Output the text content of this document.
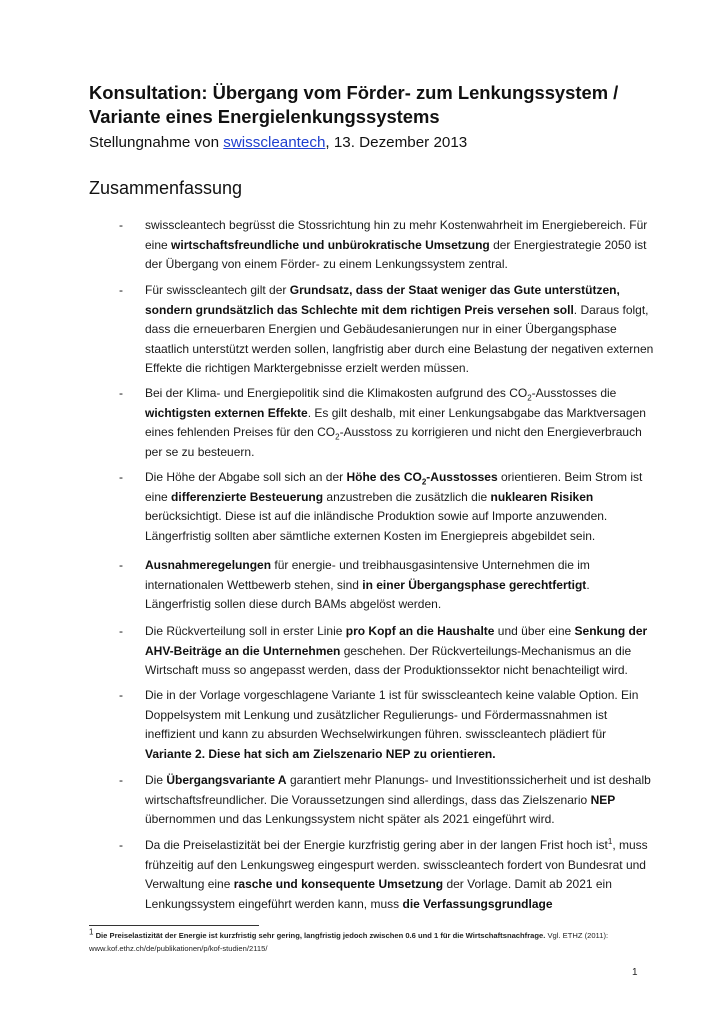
Konsultation: Übergang vom Förder- zum Lenkungssystem / Variante eines Energielenkungssystems
Stellungnahme von swisscleantech, 13. Dezember 2013
Zusammenfassung
- swisscleantech begrüsst die Stossrichtung hin zu mehr Kostenwahrheit im Energiebereich. Für eine wirtschaftsfreundliche und unbürokratische Umsetzung der Energiestrategie 2050 ist der Übergang von einem Förder- zu einem Lenkungssystem zentral.
- Für swisscleantech gilt der Grundsatz, dass der Staat weniger das Gute unterstützen, sondern grundsätzlich das Schlechte mit dem richtigen Preis versehen soll. Daraus folgt, dass die erneuerbaren Energien und Gebäudesanierungen nur in einer Übergangsphase staatlich unterstützt werden sollen, langfristig aber durch eine Belastung der negativen externen Effekte die richtigen Marktergebnisse erzielt werden müssen.
- Bei der Klima- und Energiepolitik sind die Klimakosten aufgrund des $CO_2$-Ausstosses die wichtigsten externen Effekte. Es gilt deshalb, mit einer Lenkungsabgabe das Marktversagen eines fehlenden Preises für den $CO_2$-Ausstoss zu korrigieren und nicht den Energieverbrauch per se zu besteuern.
- Die Höhe der Abgabe soll sich an der Höhe des $CO_2$-Ausstosses orientieren. Beim Strom ist eine differenzierte Besteuerung anzustreben die zusätzlich die nuklearen Risiken berücksichtigt. Diese ist auf die inländische Produktion sowie auf Importe anzuwenden. Längerfristig sollten aber sämtliche externen Kosten im Energiepreis abgebildet sein.
- Ausnahmeregelungen für energie- und treibhausgasintensive Unternehmen die im internationalen Wettbewerb stehen, sind in einer Übergangsphase gerechtfertigt. Längerfristig sollen diese durch BAMs abgelöst werden.
- Die Rückverteilung soll in erster Linie pro Kopf an die Haushalte und über eine Senkung der AHV-Beiträge an die Unternehmen geschehen. Der Rückverteilungs-Mechanismus an die Wirtschaft muss so angepasst werden, dass der Produktionssektor nicht benachteiligt wird.
- Die in der Vorlage vorgeschlagene Variante 1 ist für swisscleantech keine valable Option. Ein Doppelsystem mit Lenkung und zusätzlicher Regulierungs- und Fördermassnahmen ist ineffizient und kann zu absurden Wechselwirkungen führen. swisscleantech plädiert für Variante 2. Diese hat sich am Zielszenario NEP zu orientieren.
- Die Übergangsvariante A garantiert mehr Planungs- und Investitionssicherheit und ist deshalb wirtschaftsfreundlicher. Die Voraussetzungen sind allerdings, dass das Zielszenario NEP übernommen und das Lenkungssystem nicht später als 2021 eingeführt wird.
- Da die Preiselastizität bei der Energie kurzfristig gering aber in der langen Frist hoch ist$^1$, muss frühzeitig auf den Lenkungsweg eingespurt werden. swisscleantech fordert von Bundesrat und Verwaltung eine rasche und konsequente Umsetzung der Vorlage. Damit ab 2021 ein Lenkungssystem eingeführt werden kann, muss die Verfassungsgrundlage
$^1$ Die Preiselastizität der Energie ist kurzfristig sehr gering, langfristig jedoch zwischen 0.6 und 1 für die Wirtschaftsnachfrage. Vgl. ETHZ (2011): www.kof.ethz.ch/de/publikationen/p/kof-studien/2115/
1
